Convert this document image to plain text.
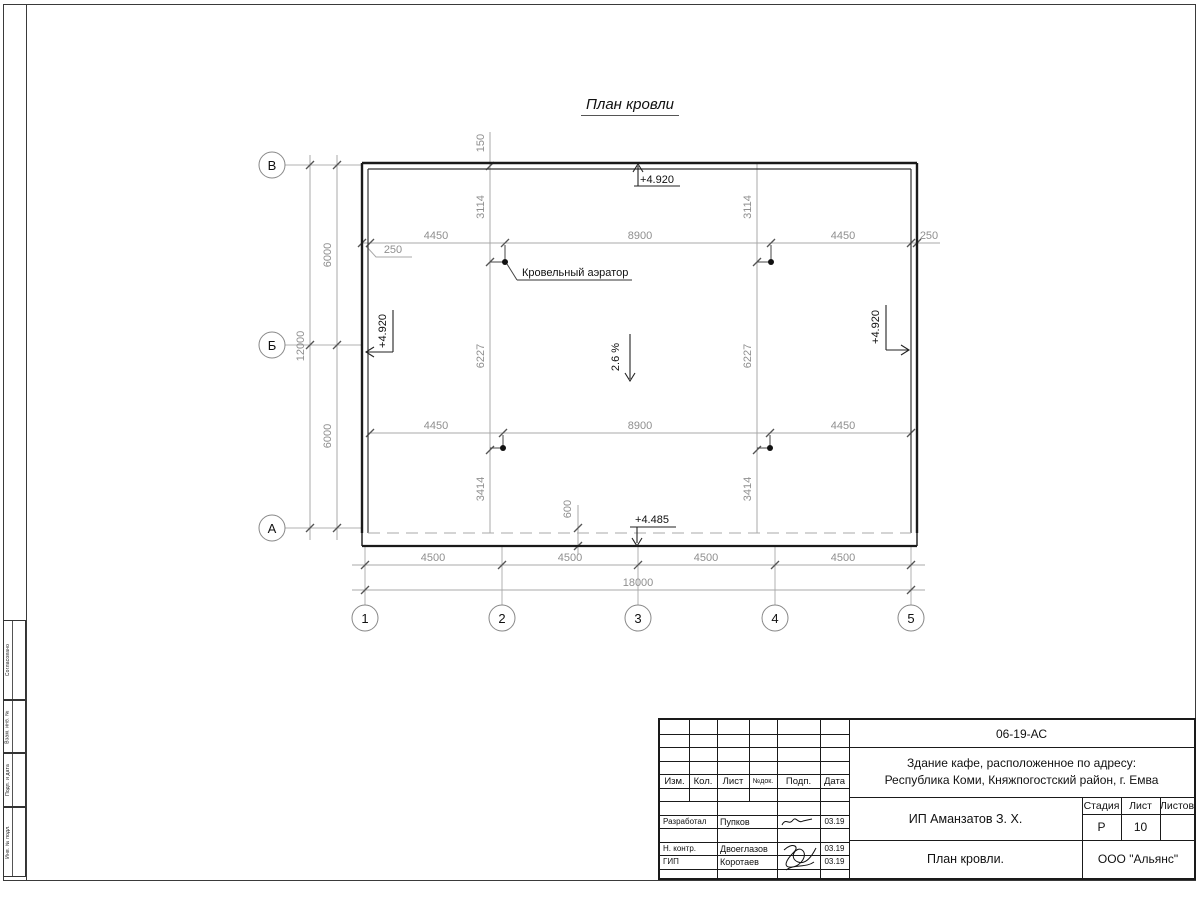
План кровли
Кровельный аэратор
В
Б
А
1	2	3	4	5
4450	8900	4450
250
250
4450	8900	4450
4500	4500	4500	4500
18000
6000
6000
12000
150
3114
6227
3414
3114
6227
3414
600
+4.920
+4.485
+4.920	+4.920
2.6 %
Согласовано
Взам. инв. №
Подп. и дата
Инв. № подл.
Изм. Кол.	Лист	№док.	Подп.	Дата
Разработал	Пупков	03.19
Н. контр.	Двоеглазов	03.19
ГИП	Коротаев	03.19
06-19-АС
Здание кафе, расположенное по адресу:
Республика Коми, Княжпогостский район, г. Емва
ИП Аманзатов З. Х.
План кровли.
Стадия Лист Листов
Р	10
ООО "Альянс"
